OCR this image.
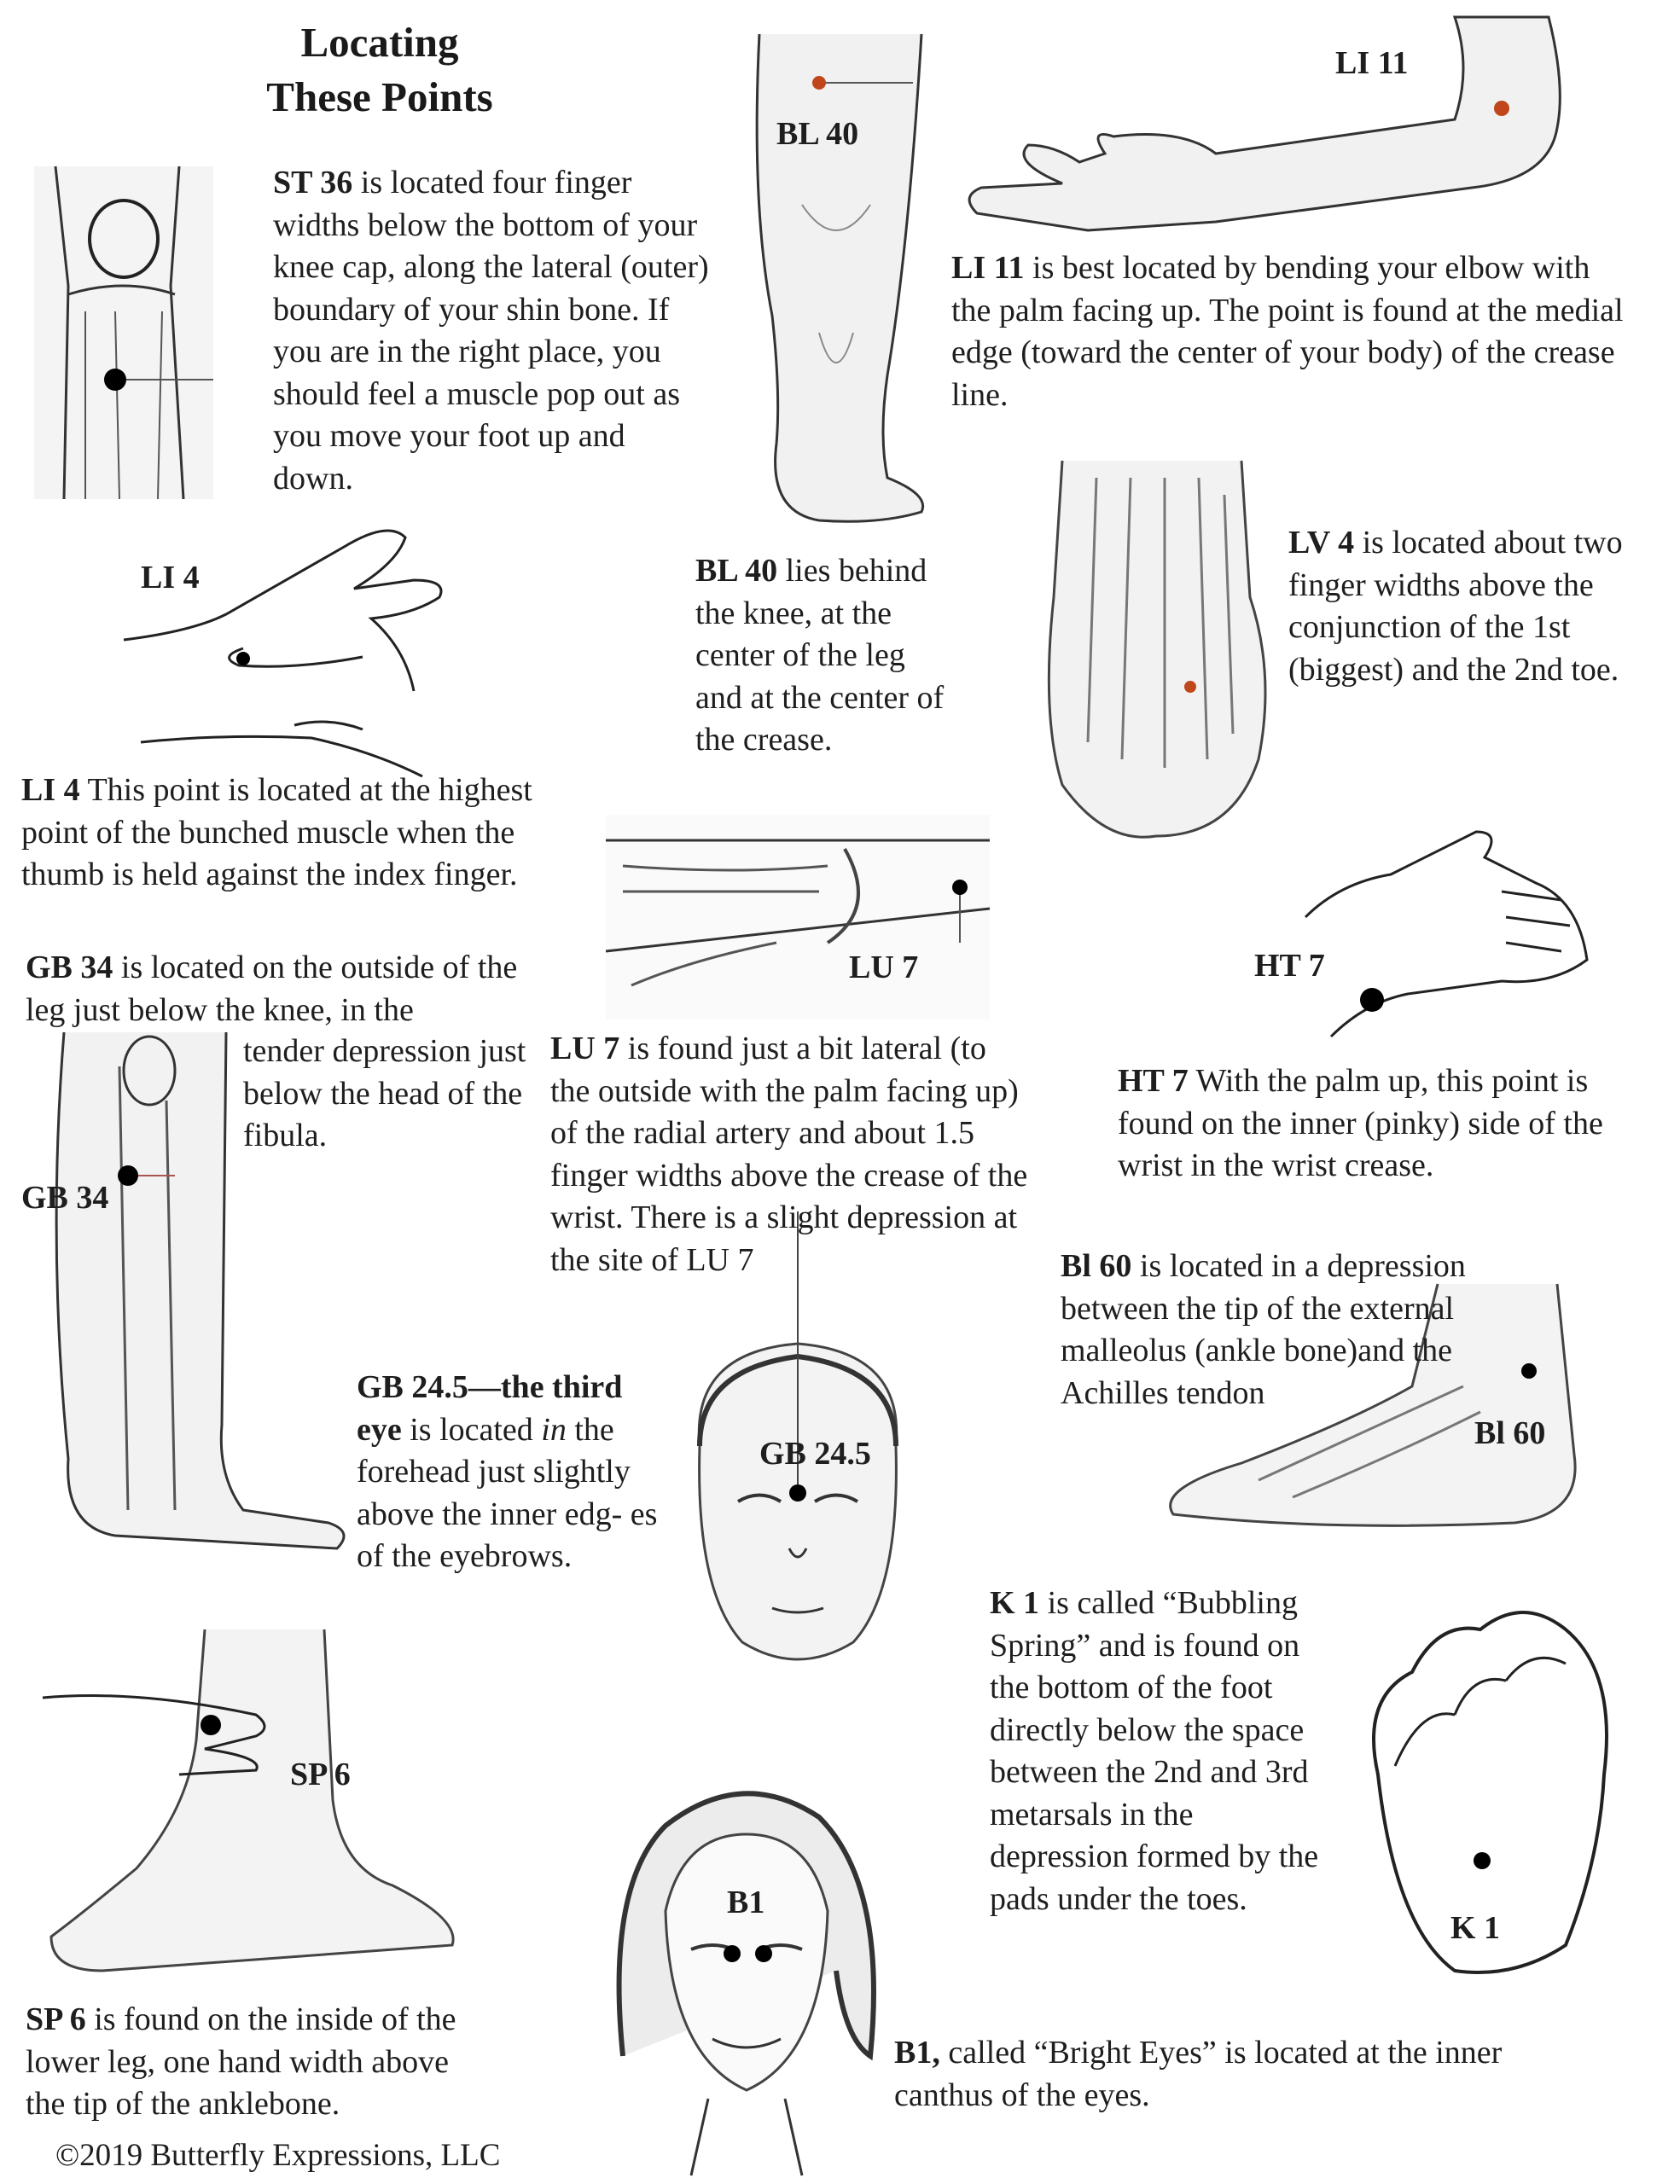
Locating
These Points
BL 40
LI 11
LI 4
LU 7	HT 7
GB 34
GB 24.5
Bl 60
SP 6
B1
K 1
ST 36 is located four finger widths below the bottom of your knee cap, along the lateral (outer) boundary of your shin bone. If you are in the right place, you should feel a muscle pop out as you move your foot up and down.
LI 11 is best located by bending your elbow with the palm facing up. The point is found at the medial edge (toward the center of your body) of the crease line.
BL 40 lies behind the knee, at the center of the leg and at the center of the crease.
LV 4 is located about two finger widths above the conjunction of the 1st (biggest) and the 2nd toe.
LI 4 This point is located at the highest point of the bunched muscle when the thumb is held against the index finger.
GB 34 is located on the outside of the leg just below the knee, in the
tender depression just below the head of the fibula.
LU 7 is found just a bit lateral (to the outside with the palm facing up) of the radial artery and about 1.5 finger widths above the crease of the wrist. There is a slight depression at the site of LU 7
HT 7 With the palm up, this point is found on the inner (pinky) side of the wrist in the wrist crease.
Bl 60 is located in a depression between the tip of the external malleolus (ankle bone)and the Achilles tendon
GB 24.5—the third eye is located in the forehead just slightly above the inner edg- es of the eyebrows.
K 1 is called “Bubbling Spring” and is found on the bottom of the foot directly below the space between the 2nd and 3rd metarsals in the depression formed by the pads under the toes.
SP 6 is found on the inside of the lower leg, one hand width above the tip of the anklebone.
B1, called “Bright Eyes” is located at the inner canthus of the eyes.
©2019 Butterfly Expressions, LLC
